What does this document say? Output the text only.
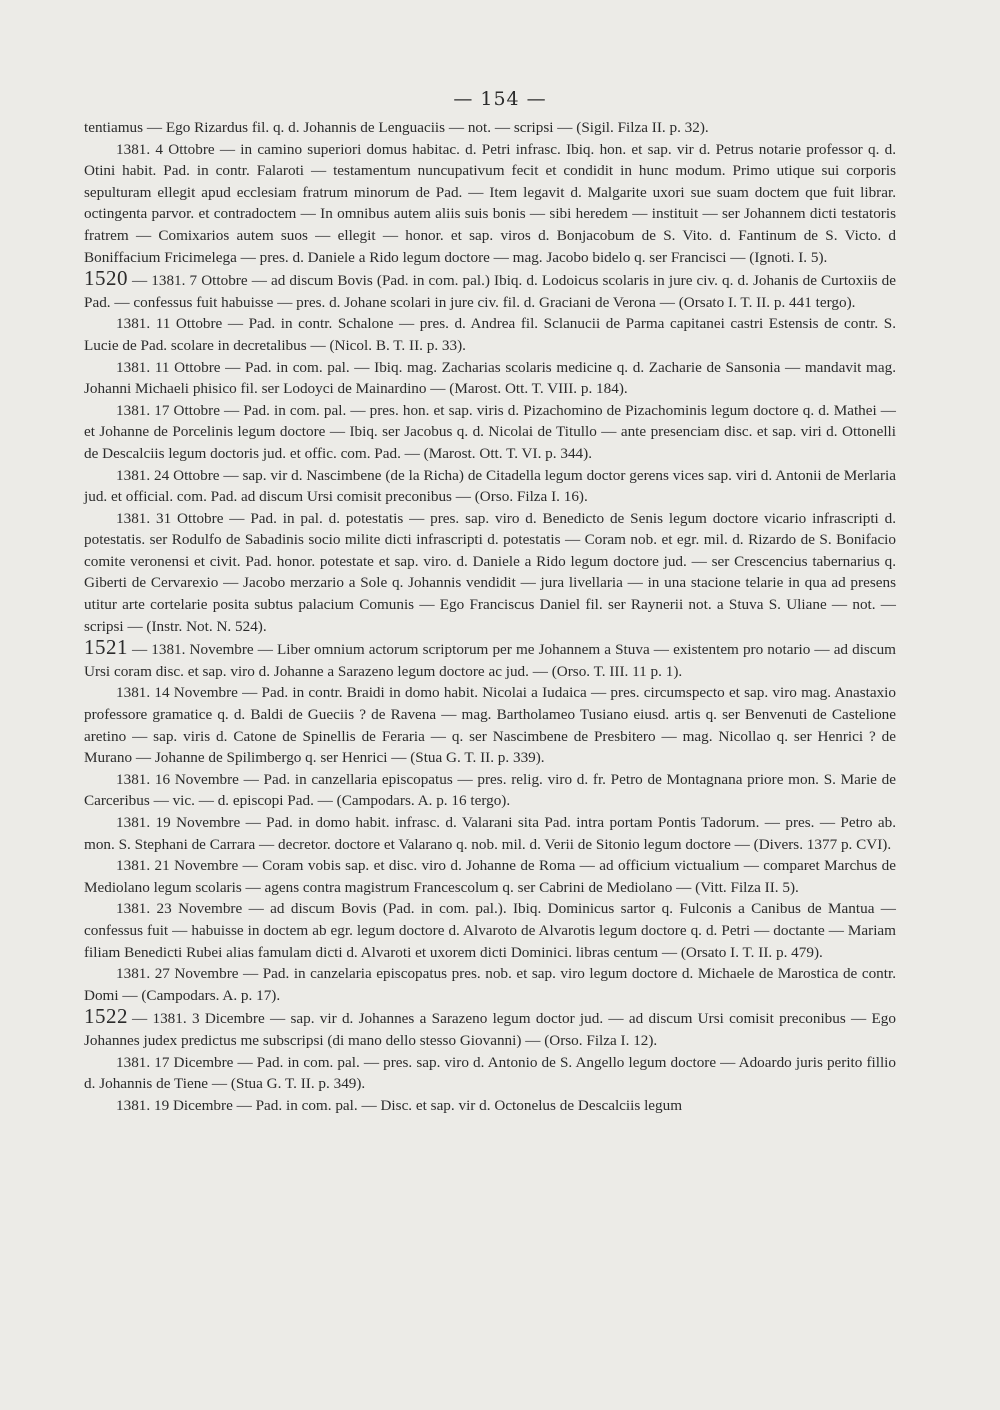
— 154 —

tentiamus — Ego Rizardus fil. q. d. Johannis de Lenguaciis — not. — scripsi — (Sigil. Filza II. p. 32).

1381. 4 Ottobre — in camino superiori domus habitac. d. Petri infrasc. Ibiq. hon. et sap. vir d. Petrus notarie professor q. d. Otini habit. Pad. in contr. Falaroti — testamentum nuncupativum fecit et condidit in hunc modum. Primo utique sui corporis sepulturam ellegit apud ecclesiam fratrum minorum de Pad. — Item legavit d. Malgarite uxori sue suam doctem que fuit librar. octingenta parvor. et contradoctem — In omnibus autem aliis suis bonis — sibi heredem — instituit — ser Johannem dicti testatoris fratrem — Comixarios autem suos — ellegit — honor. et sap. viros d. Bonjacobum de S. Vito. d. Fantinum de S. Victo. d Boniffacium Fricimelega — pres. d. Daniele a Rido legum doctore — mag. Jacobo bidelo q. ser Francisci — (Ignoti. I. 5).

1520 — 1381. 7 Ottobre — ad discum Bovis (Pad. in com. pal.) Ibiq. d. Lodoicus scolaris in jure civ. q. d. Johanis de Curtoxiis de Pad. — confessus fuit habuisse — pres. d. Johane scolari in jure civ. fil. d. Graciani de Verona — (Orsato I. T. II. p. 441 tergo).

1381. 11 Ottobre — Pad. in contr. Schalone — pres. d. Andrea fil. Sclanucii de Parma capitanei castri Estensis de contr. S. Lucie de Pad. scolare in decretalibus — (Nicol. B. T. II. p. 33).

1381. 11 Ottobre — Pad. in com. pal. — Ibiq. mag. Zacharias scolaris medicine q. d. Zacharie de Sansonia — mandavit mag. Johanni Michaeli phisico fil. ser Lodoyci de Mainardino — (Marost. Ott. T. VIII. p. 184).

1381. 17 Ottobre — Pad. in com. pal. — pres. hon. et sap. viris d. Pizachomino de Pizachominis legum doctore q. d. Mathei — et Johanne de Porcelinis legum doctore — Ibiq. ser Jacobus q. d. Nicolai de Titullo — ante presenciam disc. et sap. viri d. Ottonelli de Descalciis legum doctoris jud. et offic. com. Pad. — (Marost. Ott. T. VI. p. 344).

1381. 24 Ottobre — sap. vir d. Nascimbene (de la Richa) de Citadella legum doctor gerens vices sap. viri d. Antonii de Merlaria jud. et official. com. Pad. ad discum Ursi comisit preconibus — (Orso. Filza I. 16).

1381. 31 Ottobre — Pad. in pal. d. potestatis — pres. sap. viro d. Benedicto de Senis legum doctore vicario infrascripti d. potestatis. ser Rodulfo de Sabadinis socio milite dicti infrascripti d. potestatis — Coram nob. et egr. mil. d. Rizardo de S. Bonifacio comite veronensi et civit. Pad. honor. potestate et sap. viro. d. Daniele a Rido legum doctore jud. — ser Crescencius tabernarius q. Giberti de Cervarexio — Jacobo merzario a Sole q. Johannis vendidit — jura livellaria — in una stacione telarie in qua ad presens utitur arte cortelarie posita subtus palacium Comunis — Ego Franciscus Daniel fil. ser Raynerii not. a Stuva S. Uliane — not. — scripsi — (Instr. Not. N. 524).

1521 — 1381. Novembre — Liber omnium actorum scriptorum per me Johannem a Stuva — existentem pro notario — ad discum Ursi coram disc. et sap. viro d. Johanne a Sarazeno legum doctore ac jud. — (Orso. T. III. 11 p. 1).

1381. 14 Novembre — Pad. in contr. Braidi in domo habit. Nicolai a Iudaica — pres. circumspecto et sap. viro mag. Anastaxio professore gramatice q. d. Baldi de Gueciis ? de Ravena — mag. Bartholameo Tusiano eiusd. artis q. ser Benvenuti de Castelione aretino — sap. viris d. Catone de Spinellis de Feraria — q. ser Nascimbene de Presbitero — mag. Nicollao q. ser Henrici ? de Murano — Johanne de Spilimbergo q. ser Henrici — (Stua G. T. II. p. 339).

1381. 16 Novembre — Pad. in canzellaria episcopatus — pres. relig. viro d. fr. Petro de Montagnana priore mon. S. Marie de Carceribus — vic. — d. episcopi Pad. — (Campodars. A. p. 16 tergo).

1381. 19 Novembre — Pad. in domo habit. infrasc. d. Valarani sita Pad. intra portam Pontis Tadorum. — pres. — Petro ab. mon. S. Stephani de Carrara — decretor. doctore et Valarano q. nob. mil. d. Verii de Sitonio legum doctore — (Divers. 1377 p. CVI).

1381. 21 Novembre — Coram vobis sap. et disc. viro d. Johanne de Roma — ad officium victualium — comparet Marchus de Mediolano legum scolaris — agens contra magistrum Francescolum q. ser Cabrini de Mediolano — (Vitt. Filza II. 5).

1381. 23 Novembre — ad discum Bovis (Pad. in com. pal.). Ibiq. Dominicus sartor q. Fulconis a Canibus de Mantua — confessus fuit — habuisse in doctem ab egr. legum doctore d. Alvaroto de Alvarotis legum doctore q. d. Petri — doctante — Mariam filiam Benedicti Rubei alias famulam dicti d. Alvaroti et uxorem dicti Dominici. libras centum — (Orsato I. T. II. p. 479).

1381. 27 Novembre — Pad. in canzelaria episcopatus pres. nob. et sap. viro legum doctore d. Michaele de Marostica de contr. Domi — (Campodars. A. p. 17).

1522 — 1381. 3 Dicembre — sap. vir d. Johannes a Sarazeno legum doctor jud. — ad discum Ursi comisit preconibus — Ego Johannes judex predictus me subscripsi (di mano dello stesso Giovanni) — (Orso. Filza I. 12).

1381. 17 Dicembre — Pad. in com. pal. — pres. sap. viro d. Antonio de S. Angello legum doctore — Adoardo juris perito fillio d. Johannis de Tiene — (Stua G. T. II. p. 349).

1381. 19 Dicembre — Pad. in com. pal. — Disc. et sap. vir d. Octonelus de Descalciis legum
